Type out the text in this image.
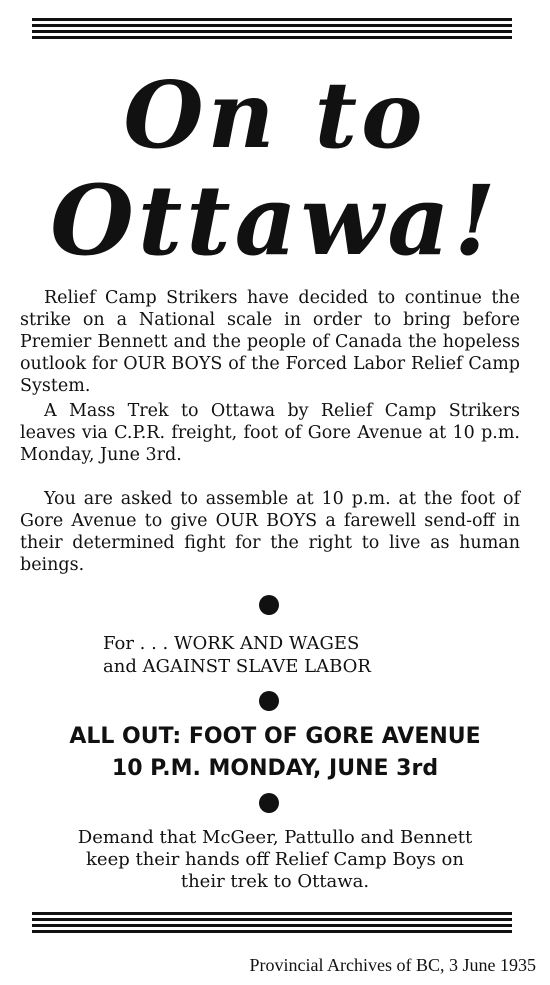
On to
Ottawa!

Relief Camp Strikers have decided to continue the strike on a National scale in order to bring before Premier Bennett and the people of Canada the hopeless outlook for OUR BOYS of the Forced Labor Relief Camp System.

A Mass Trek to Ottawa by Relief Camp Strikers leaves via C.P.R. freight, foot of Gore Avenue at 10 p.m. Monday, June 3rd.

You are asked to assemble at 10 p.m. at the foot of Gore Avenue to give OUR BOYS a farewell send-off in their determined fight for the right to live as human beings.

For . . . WORK AND WAGES
and AGAINST SLAVE LABOR
ALL OUT: FOOT OF GORE AVENUE
10 P.M. MONDAY, JUNE 3rd
Demand that McGeer, Pattullo and Bennett
keep their hands off Relief Camp Boys on
their trek to Ottawa.
Provincial Archives of BC, 3 June 1935
